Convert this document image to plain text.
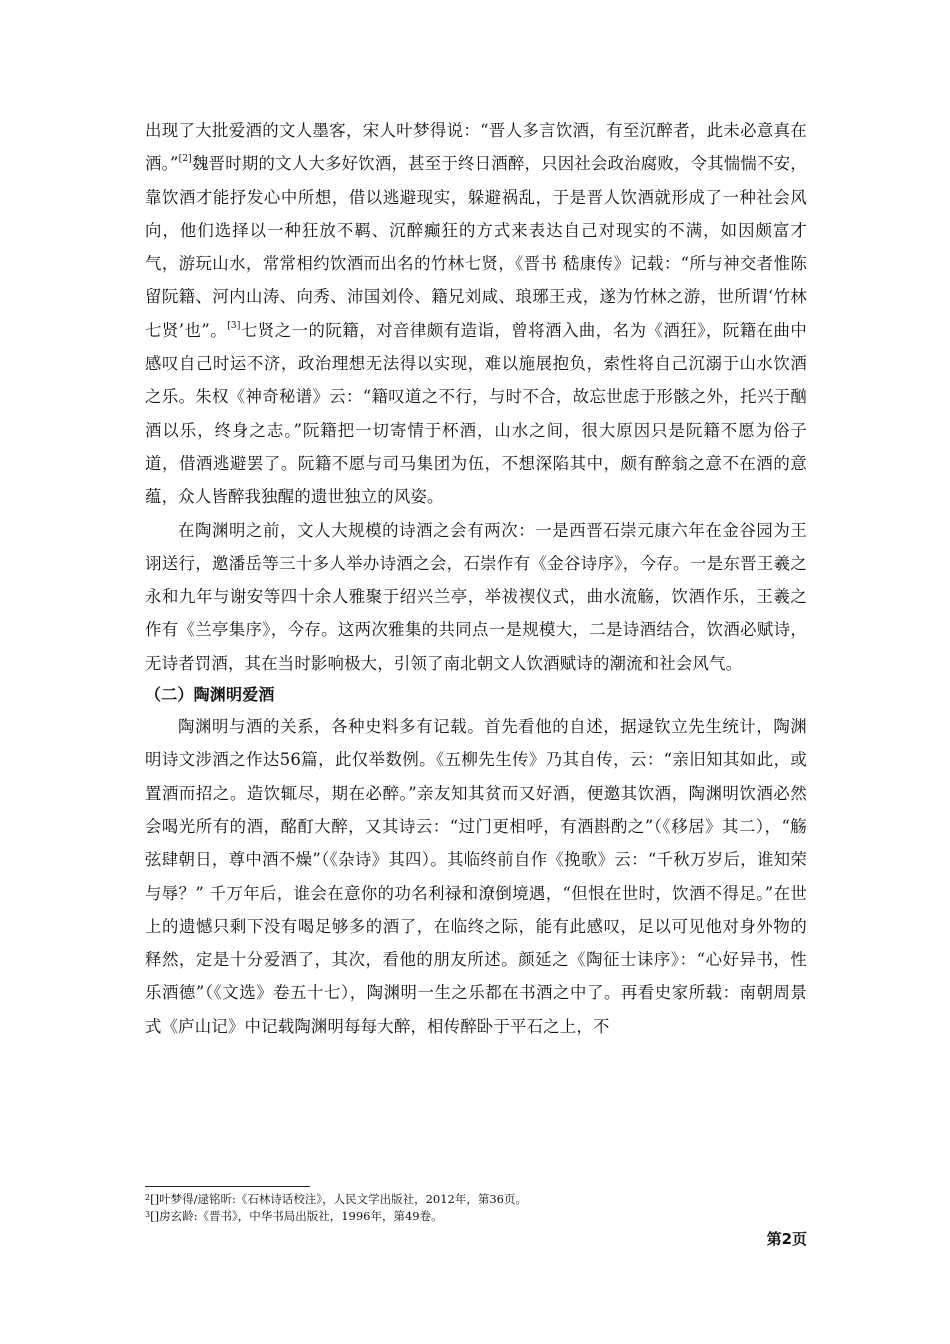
出现了大批爱酒的文人墨客，宋人叶梦得说：“晋人多言饮酒，有至沉醉者，此未必意真在酒。”[2]魏晋时期的文人大多好饮酒，甚至于终日酒醉，只因社会政治腐败，令其惴惴不安，靠饮酒才能抒发心中所想，借以逃避现实，躲避祸乱，于是晋人饮酒就形成了一种社会风向，他们选择以一种狂放不羁、沉醉癫狂的方式来表达自己对现实的不满，如因颇富才气，游玩山水，常常相约饮酒而出名的竹林七贤，《晋书 嵇康传》记载：“所与神交者惟陈留阮籍、河内山涛、向秀、沛国刘伶、籍兄刘咸、琅琊王戎，遂为竹林之游，世所谓‘竹林七贤’也”。[3]七贤之一的阮籍，对音律颇有造诣，曾将酒入曲，名为《酒狂》，阮籍在曲中感叹自己时运不济，政治理想无法得以实现，难以施展抱负，索性将自己沉溺于山水饮酒之乐。朱权《神奇秘谱》云：“籍叹道之不行，与时不合，故忘世虑于形骸之外，托兴于酗酒以乐，终身之志。”阮籍把一切寄情于杯酒，山水之间，很大原因只是阮籍不愿为俗子道，借酒逃避罢了。阮籍不愿与司马集团为伍，不想深陷其中，颇有醉翁之意不在酒的意蕴，众人皆醉我独醒的遗世独立的风姿。

在陶渊明之前，文人大规模的诗酒之会有两次：一是西晋石崇元康六年在金谷园为王诩送行，邀潘岳等三十多人举办诗酒之会，石崇作有《金谷诗序》，今存。一是东晋王羲之永和九年与谢安等四十余人雅聚于绍兴兰亭，举祓禊仪式，曲水流觞，饮酒作乐，王羲之作有《兰亭集序》，今存。这两次雅集的共同点一是规模大，二是诗酒结合，饮酒必赋诗，无诗者罚酒，其在当时影响极大，引领了南北朝文人饮酒赋诗的潮流和社会风气。

（二）陶渊明爱酒

陶渊明与酒的关系，各种史料多有记载。首先看他的自述，据逯钦立先生统计，陶渊明诗文涉酒之作达56篇，此仅举数例。《五柳先生传》乃其自传，云：“亲旧知其如此，或置酒而招之。造饮辄尽，期在必醉。”亲友知其贫而又好酒，便邀其饮酒，陶渊明饮酒必然会喝光所有的酒，酩酊大醉，又其诗云：“过门更相呼，有酒斟酌之”（《移居》其二），“觞弦肆朝日，尊中酒不燥”（《杂诗》其四）。其临终前自作《挽歌》云：“千秋万岁后，谁知荣与辱？” 千万年后，谁会在意你的功名利禄和潦倒境遇，“但恨在世时，饮酒不得足。”在世上的遗憾只剩下没有喝足够多的酒了，在临终之际，能有此感叹，足以可见他对身外物的释然，定是十分爱酒了，其次，看他的朋友所述。颜延之《陶征士诔序》：“心好异书，性乐酒德”（《文选》卷五十七），陶渊明一生之乐都在书酒之中了。再看史家所载：南朝周景式《庐山记》中记载陶渊明每每大醉，相传醉卧于平石之上，不

$^2$[]叶梦得/逯铭昕:《石林诗话校注》，人民文学出版社，2012年，第36页。
$^3$[]房玄龄:《晋书》，中华书局出版社，1996年，第49卷。
第2页
